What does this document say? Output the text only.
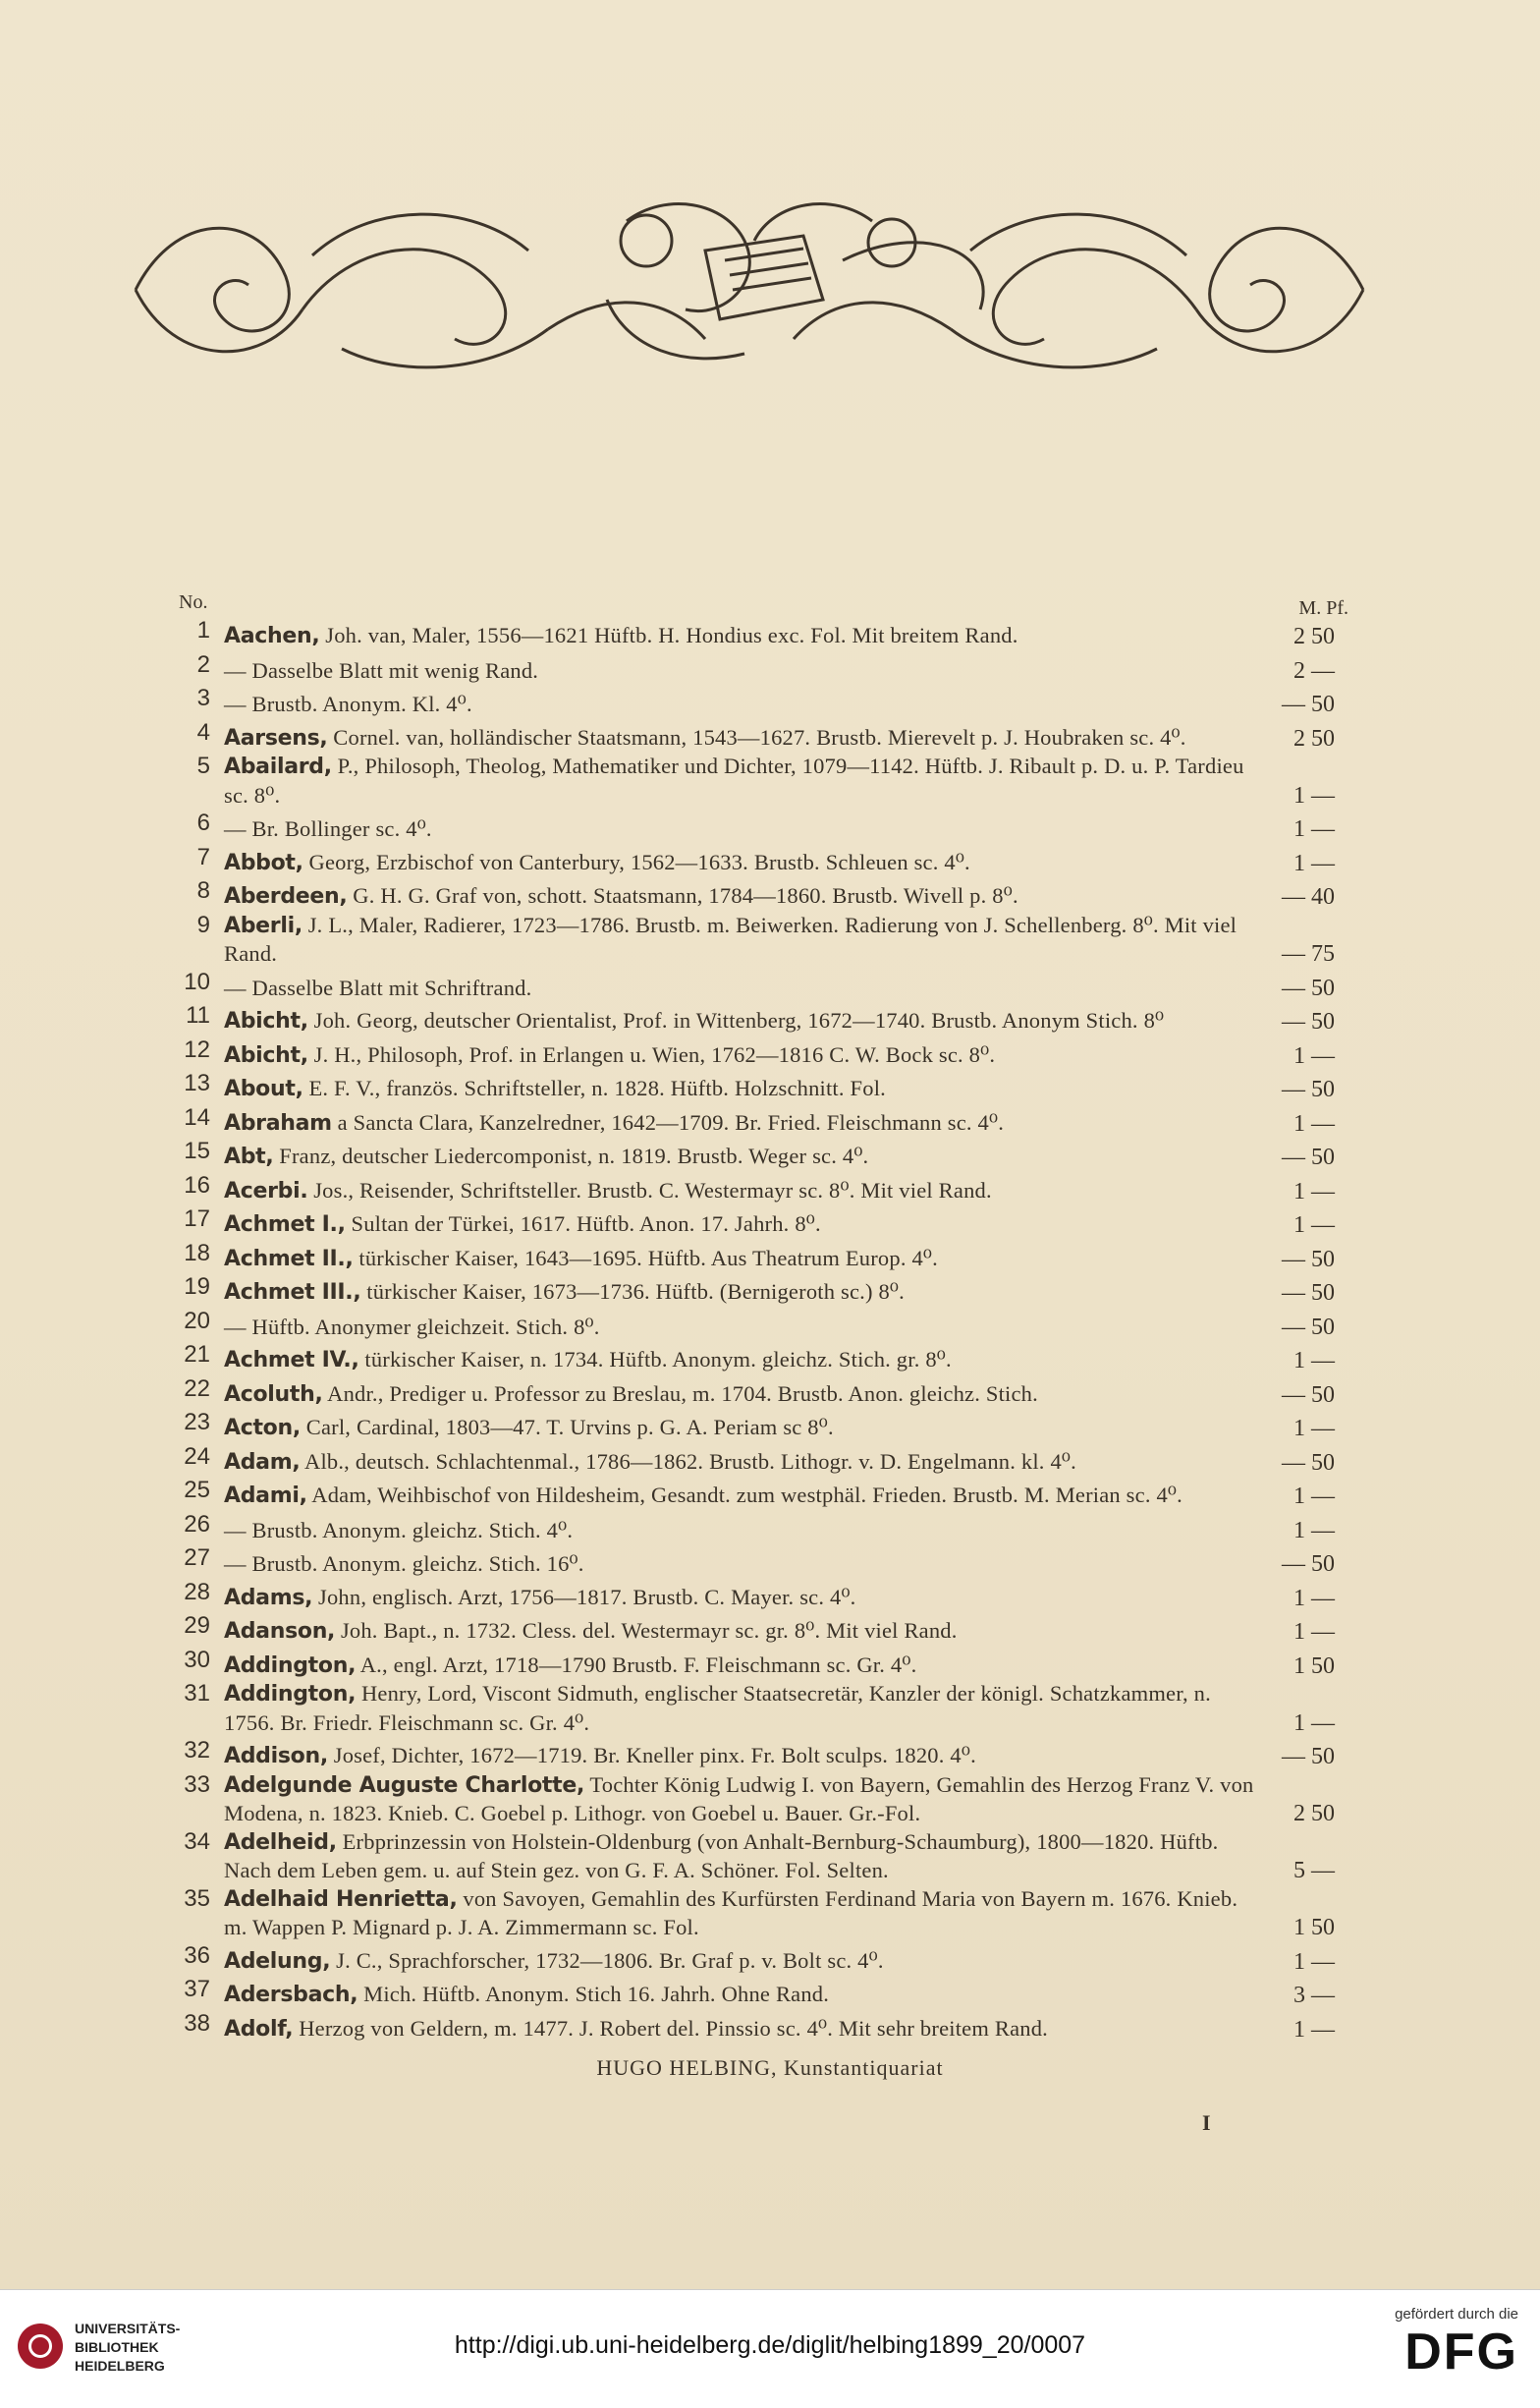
No.	M. Pf.
1 Aachen, Joh. van, Maler, 1556—1621 Hüftb. H. Hondius exc. Fol. Mit breitem Rand.	2 50
2 — Dasselbe Blatt mit wenig Rand.	2 —
3 — Brustb. Anonym. Kl. 4⁰.	— 50
4 Aarsens, Cornel. van, holländischer Staatsmann, 1543—1627. Brustb. Mierevelt p. J. Houbraken sc. 4⁰.	2 50
5 Abailard, P., Philosoph, Theolog, Mathematiker und Dichter, 1079—1142. Hüftb. J. Ribault p. D. u. P. Tardieu sc. 8⁰.	1 —
6 — Br. Bollinger sc. 4⁰.	1 —
7 Abbot, Georg, Erzbischof von Canterbury, 1562—1633. Brustb. Schleuen sc. 4⁰.	1 —
8 Aberdeen, G. H. G. Graf von, schott. Staatsmann, 1784—1860. Brustb. Wivell p. 8⁰.	— 40
9 Aberli, J. L., Maler, Radierer, 1723—1786. Brustb. m. Beiwerken. Radierung von J. Schellenberg. 8⁰. Mit viel Rand.	— 75
10 — Dasselbe Blatt mit Schriftrand.	— 50
11 Abicht, Joh. Georg, deutscher Orientalist, Prof. in Wittenberg, 1672—1740. Brustb. Anonym Stich. 8⁰	— 50
12 Abicht, J. H., Philosoph, Prof. in Erlangen u. Wien, 1762—1816 C. W. Bock sc. 8⁰.	1 —
13 About, E. F. V., französ. Schriftsteller, n. 1828. Hüftb. Holzschnitt. Fol.	— 50
14 Abraham a Sancta Clara, Kanzelredner, 1642—1709. Br. Fried. Fleischmann sc. 4⁰.	1 —
15 Abt, Franz, deutscher Liedercomponist, n. 1819. Brustb. Weger sc. 4⁰.	— 50
16 Acerbi. Jos., Reisender, Schriftsteller. Brustb. C. Westermayr sc. 8⁰. Mit viel Rand.	1 —
17 Achmet I., Sultan der Türkei, 1617. Hüftb. Anon. 17. Jahrh. 8⁰.	1 —
18 Achmet II., türkischer Kaiser, 1643—1695. Hüftb. Aus Theatrum Europ. 4⁰.	— 50
19 Achmet III., türkischer Kaiser, 1673—1736. Hüftb. (Bernigeroth sc.) 8⁰.	— 50
20 — Hüftb. Anonymer gleichzeit. Stich. 8⁰.	— 50
21 Achmet IV., türkischer Kaiser, n. 1734. Hüftb. Anonym. gleichz. Stich. gr. 8⁰.	1 —
22 Acoluth, Andr., Prediger u. Professor zu Breslau, m. 1704. Brustb. Anon. gleichz. Stich.	— 50
23 Acton, Carl, Cardinal, 1803—47. T. Urvins p. G. A. Periam sc 8⁰.	1 —
24 Adam, Alb., deutsch. Schlachtenmal., 1786—1862. Brustb. Lithogr. v. D. Engelmann. kl. 4⁰.	— 50
25 Adami, Adam, Weihbischof von Hildesheim, Gesandt. zum westphäl. Frieden. Brustb. M. Merian sc. 4⁰.	1 —
26 — Brustb. Anonym. gleichz. Stich. 4⁰.	1 —
27 — Brustb. Anonym. gleichz. Stich. 16⁰.	— 50
28 Adams, John, englisch. Arzt, 1756—1817. Brustb. C. Mayer. sc. 4⁰.	1 —
29 Adanson, Joh. Bapt., n. 1732. Cless. del. Westermayr sc. gr. 8⁰. Mit viel Rand.	1 —
30 Addington, A., engl. Arzt, 1718—1790 Brustb. F. Fleischmann sc. Gr. 4⁰.	1 50
31 Addington, Henry, Lord, Viscont Sidmuth, englischer Staatsecretär, Kanzler der königl. Schatzkammer, n. 1756. Br. Friedr. Fleischmann sc. Gr. 4⁰.	1 —
32 Addison, Josef, Dichter, 1672—1719. Br. Kneller pinx. Fr. Bolt sculps. 1820. 4⁰.	— 50
33 Adelgunde Auguste Charlotte, Tochter König Ludwig I. von Bayern, Gemahlin des Herzog Franz V. von Modena, n. 1823. Knieb. C. Goebel p. Lithogr. von Goebel u. Bauer. Gr.-Fol.	2 50
34 Adelheid, Erbprinzessin von Holstein-Oldenburg (von Anhalt-Bernburg-Schaumburg), 1800—1820. Hüftb. Nach dem Leben gem. u. auf Stein gez. von G. F. A. Schöner. Fol. Selten.	5 —
35 Adelhaid Henrietta, von Savoyen, Gemahlin des Kurfürsten Ferdinand Maria von Bayern m. 1676. Knieb. m. Wappen P. Mignard p. J. A. Zimmermann sc. Fol.	1 50
36 Adelung, J. C., Sprachforscher, 1732—1806. Br. Graf p. v. Bolt sc. 4⁰.	1 —
37 Adersbach, Mich. Hüftb. Anonym. Stich 16. Jahrh. Ohne Rand.	3 —
38 Adolf, Herzog von Geldern, m. 1477. J. Robert del. Pinssio sc. 4⁰. Mit sehr breitem Rand.	1 —
HUGO HELBING, Kunstantiquariat
I
UNIVERSITÄTS-
BIBLIOTHEK
HEIDELBERG
http://digi.ub.uni-heidelberg.de/diglit/helbing1899_20/0007
gefördert durch die
DFG
